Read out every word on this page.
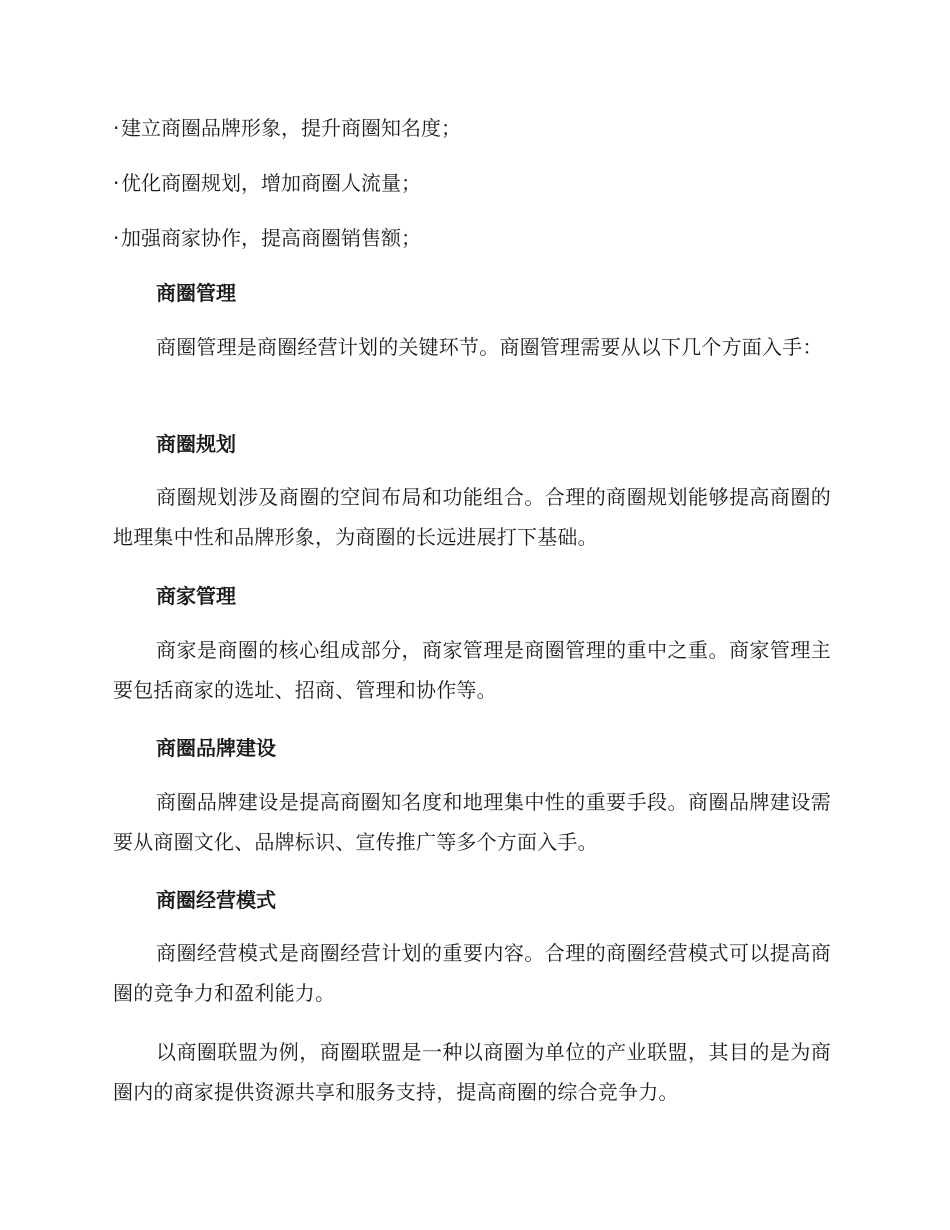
·建立商圈品牌形象，提升商圈知名度；
·优化商圈规划，增加商圈人流量；
·加强商家协作，提高商圈销售额；
商圈管理

商圈管理是商圈经营计划的关键环节。商圈管理需要从以下几个方面入手：

商圈规划

商圈规划涉及商圈的空间布局和功能组合。合理的商圈规划能够提高商圈的地理集中性和品牌形象，为商圈的长远进展打下基础。

商家管理

商家是商圈的核心组成部分，商家管理是商圈管理的重中之重。商家管理主要包括商家的选址、招商、管理和协作等。

商圈品牌建设

商圈品牌建设是提高商圈知名度和地理集中性的重要手段。商圈品牌建设需要从商圈文化、品牌标识、宣传推广等多个方面入手。

商圈经营模式

商圈经营模式是商圈经营计划的重要内容。合理的商圈经营模式可以提高商圈的竞争力和盈利能力。

以商圈联盟为例，商圈联盟是一种以商圈为单位的产业联盟，其目的是为商圈内的商家提供资源共享和服务支持，提高商圈的综合竞争力。
